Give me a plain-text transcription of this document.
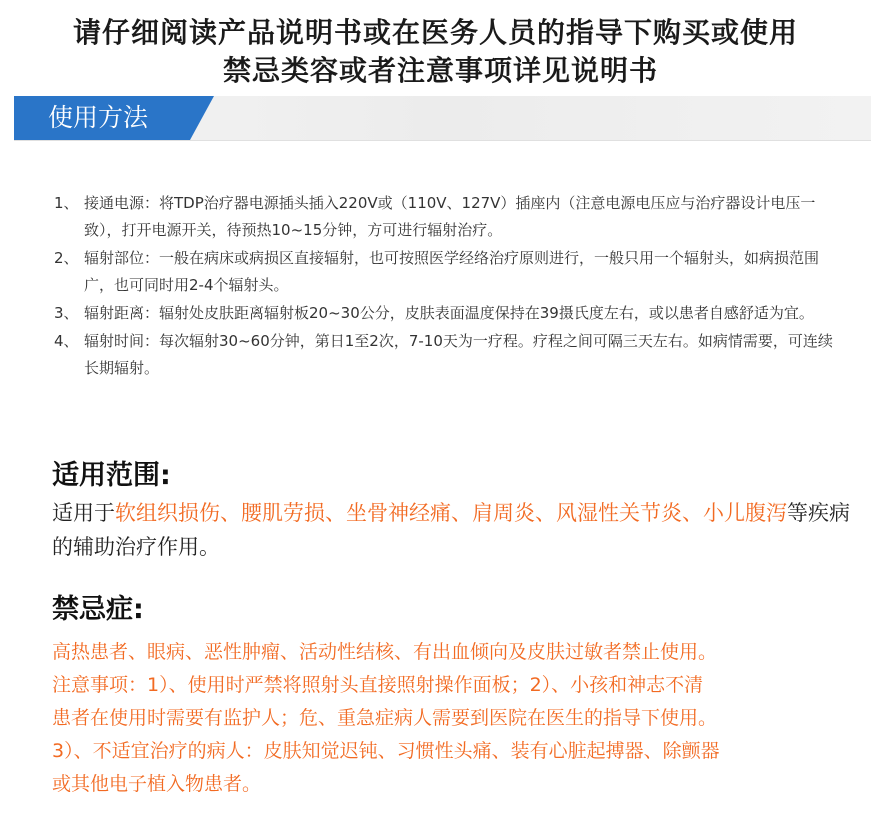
请仔细阅读产品说明书或在医务人员的指导下购买或使用
禁忌类容或者注意事项详见说明书
使用方法
1、 接通电源：将TDP治疗器电源插头插入220V或（110V、127V）插座内（注意电源电压应与治疗器设计电压一致），打开电源开关，待预热10~15分钟，方可进行辐射治疗。
2、 辐射部位：一般在病床或病损区直接辐射，也可按照医学经络治疗原则进行，一般只用一个辐射头，如病损范围广，也可同时用2-4个辐射头。
3、 辐射距离：辐射处皮肤距离辐射板20~30公分，皮肤表面温度保持在39摄氏度左右，或以患者自感舒适为宜。
4、 辐射时间：每次辐射30~60分钟，第日1至2次，7-10天为一疗程。疗程之间可隔三天左右。如病情需要，可连续长期辐射。
适用范围:
适用于软组织损伤、腰肌劳损、坐骨神经痛、肩周炎、风湿性关节炎、小儿腹泻等疾病的辅助治疗作用。
禁忌症:
高热患者、眼病、恶性肿瘤、活动性结核、有出血倾向及皮肤过敏者禁止使用。
注意事项：1）、使用时严禁将照射头直接照射操作面板；2）、小孩和神志不清
患者在使用时需要有监护人；危、重急症病人需要到医院在医生的指导下使用。
3）、不适宜治疗的病人：皮肤知觉迟钝、习惯性头痛、装有心脏起搏器、除颤器
或其他电子植入物患者。
